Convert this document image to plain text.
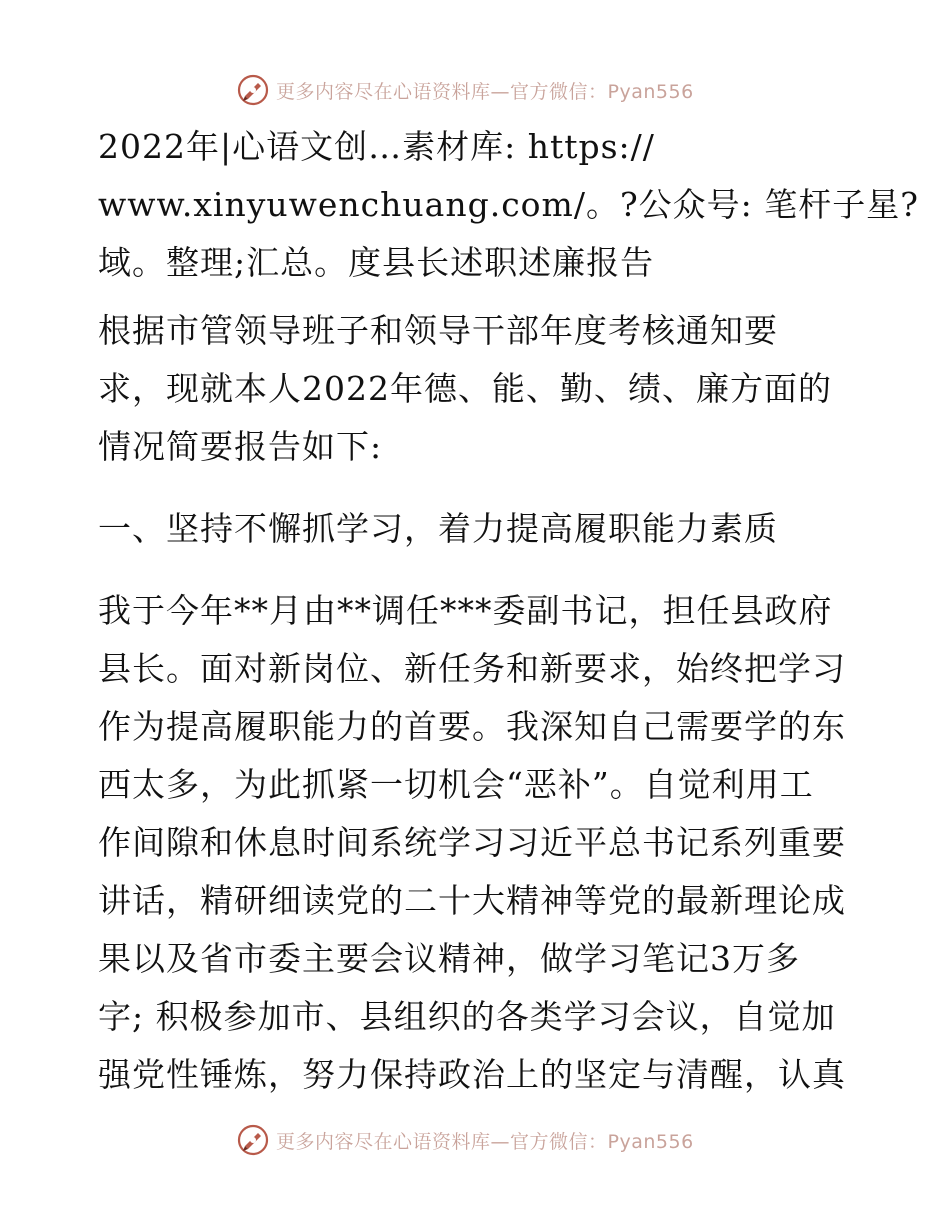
更多内容尽在心语资料库—官方微信：Pyan556
2022年|心语文创…素材库: https://
www.xinyuwenchuang.com/。?公众号: 笔杆子星?
域。整理;汇总。度县长述职述廉报告
根据市管领导班子和领导干部年度考核通知要
求，现就本人2022年德、能、勤、绩、廉方面的
情况简要报告如下:
一、坚持不懈抓学习，着力提高履职能力素质
我于今年**月由**调任***委副书记，担任县政府
县长。面对新岗位、新任务和新要求，始终把学习
作为提高履职能力的首要。我深知自己需要学的东
西太多，为此抓紧一切机会“恶补”。自觉利用工
作间隙和休息时间系统学习习近平总书记系列重要
讲话，精研细读党的二十大精神等党的最新理论成
果以及省市委主要会议精神，做学习笔记3万多
字; 积极参加市、县组织的各类学习会议，自觉加
强党性锤炼，努力保持政治上的坚定与清醒，认真
更多内容尽在心语资料库—官方微信：Pyan556
